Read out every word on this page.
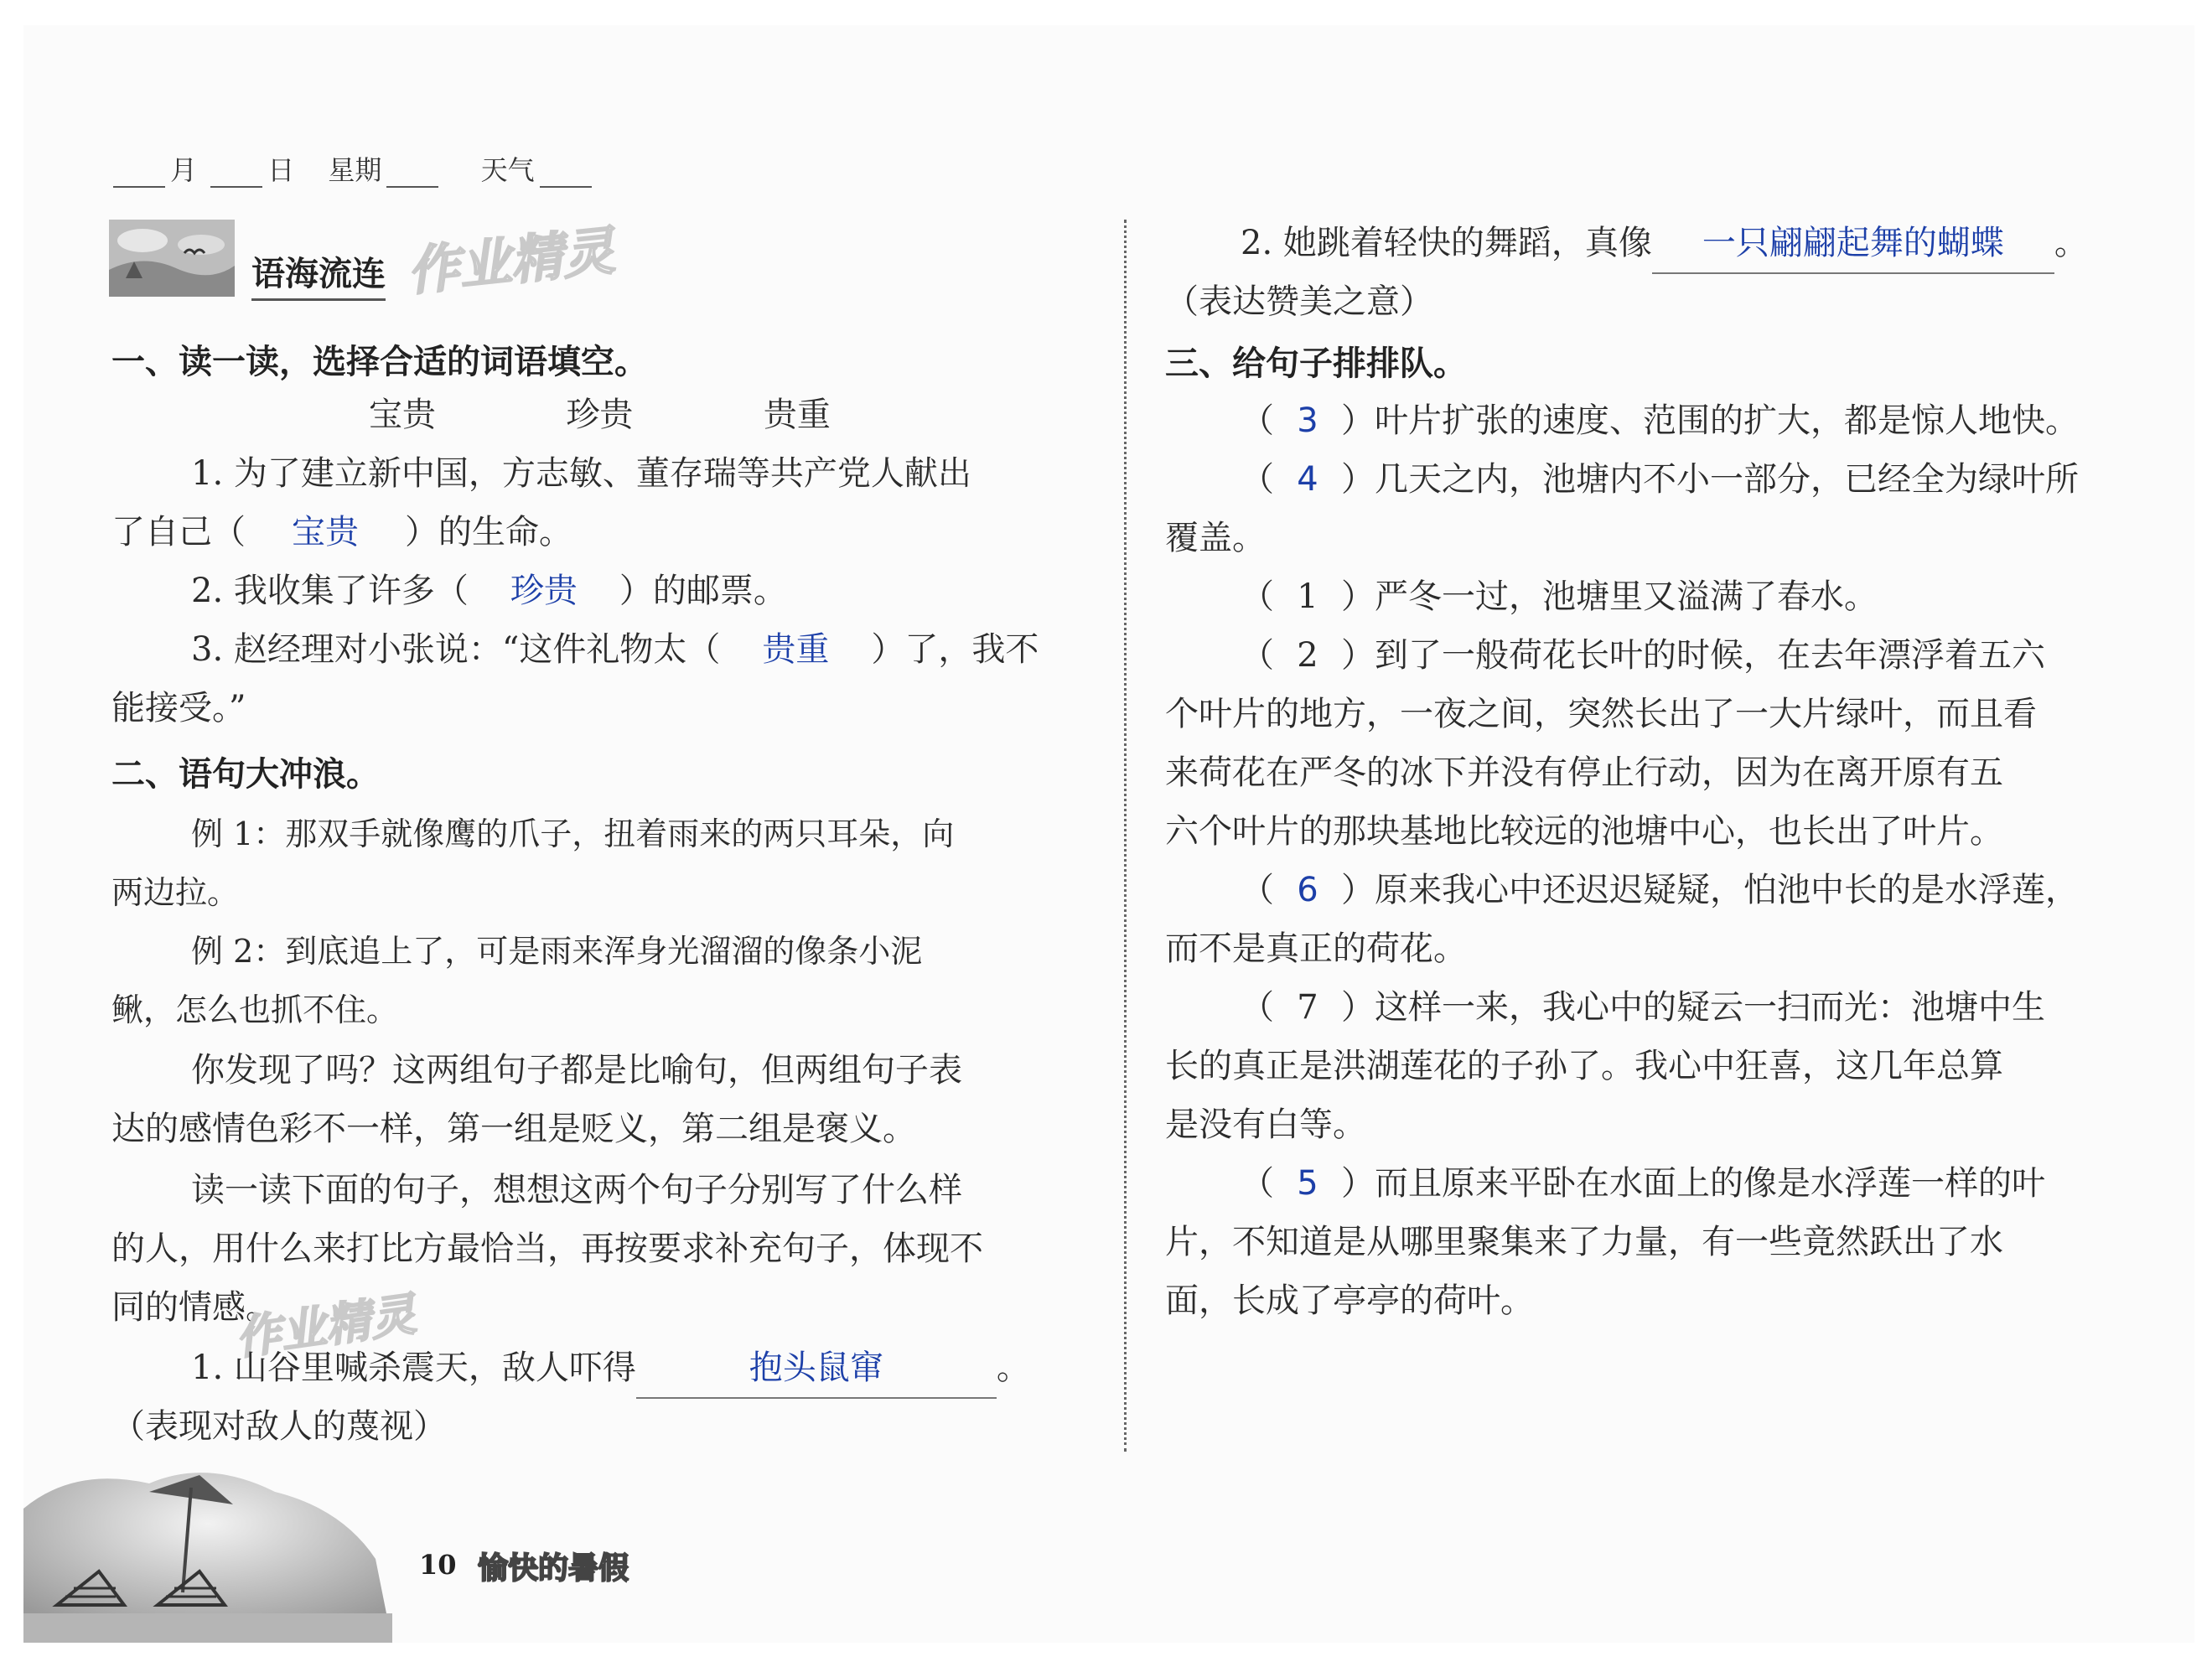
月	日 星期	天气
语海流连 作业精灵
一、读一读，选择合适的词语填空。
宝贵	珍贵	贵重
1. 为了建立新中国，方志敏、董存瑞等共产党人献出
了自己（ 宝贵 ）的生命。
2. 我收集了许多（ 珍贵 ）的邮票。
3. 赵经理对小张说：“这件礼物太（ 贵重 ）了，我不
能接受。”
二、语句大冲浪。
例 1：那双手就像鹰的爪子，扭着雨来的两只耳朵，向
两边拉。
例 2：到底追上了，可是雨来浑身光溜溜的像条小泥
鳅，怎么也抓不住。
你发现了吗？这两组句子都是比喻句，但两组句子表
达的感情色彩不一样，第一组是贬义，第二组是褒义。
读一读下面的句子，想想这两个句子分别写了什么样
的人，用什么来打比方最恰当，再按要求补充句子，体现不
同的情感。
作业精灵
1. 山谷里喊杀震天，敌人吓得	抱头鼠窜	。
（表现对敌人的蔑视）
2. 她跳着轻快的舞蹈，真像 一只翩翩起舞的蝴蝶 。
（表达赞美之意）
三、给句子排排队。
（ 3 ）叶片扩张的速度、范围的扩大，都是惊人地快。
（ 4 ）几天之内，池塘内不小一部分，已经全为绿叶所
覆盖。
（ 1 ）严冬一过，池塘里又溢满了春水。
（ 2 ）到了一般荷花长叶的时候，在去年漂浮着五六
个叶片的地方，一夜之间，突然长出了一大片绿叶，而且看
来荷花在严冬的冰下并没有停止行动，因为在离开原有五
六个叶片的那块基地比较远的池塘中心，也长出了叶片。
（ 6 ）原来我心中还迟迟疑疑，怕池中长的是水浮莲，
而不是真正的荷花。
（ 7 ）这样一来，我心中的疑云一扫而光：池塘中生
长的真正是洪湖莲花的子孙了。我心中狂喜，这几年总算
是没有白等。
（ 5 ）而且原来平卧在水面上的像是水浮莲一样的叶
片，不知道是从哪里聚集来了力量，有一些竟然跃出了水
面，长成了亭亭的荷叶。
10 愉快的暑假
